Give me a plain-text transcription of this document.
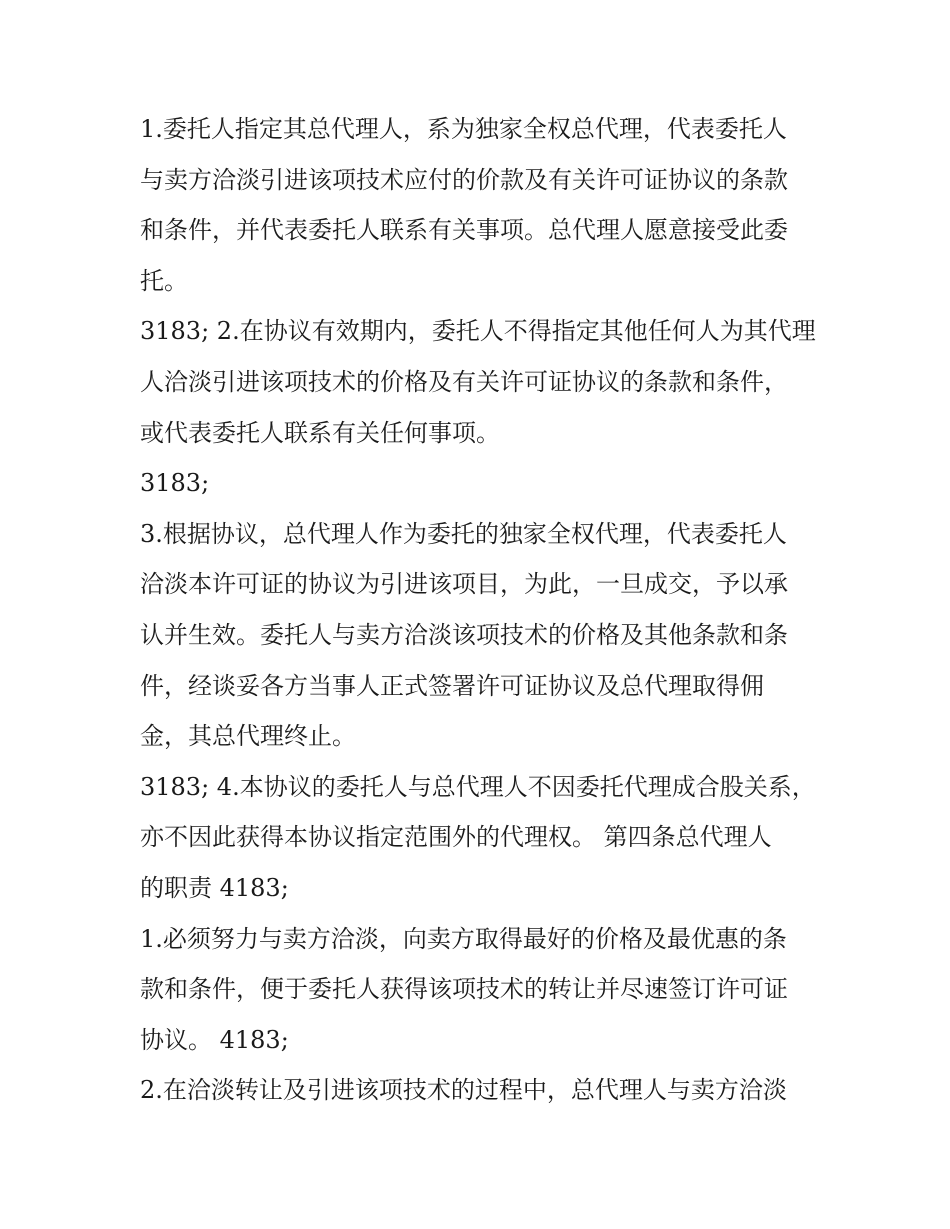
1.委托人指定其总代理人，系为独家全权总代理，代表委托人
与卖方洽淡引进该项技术应付的价款及有关许可证协议的条款
和条件，并代表委托人联系有关事项。总代理人愿意接受此委
托。
3183; 2.在协议有效期内，委托人不得指定其他任何人为其代理
人洽淡引进该项技术的价格及有关许可证协议的条款和条件，
或代表委托人联系有关任何事项。
3183;
3.根据协议，总代理人作为委托的独家全权代理，代表委托人
洽淡本许可证的协议为引进该项目，为此，一旦成交，予以承
认并生效。委托人与卖方洽淡该项技术的价格及其他条款和条
件，经谈妥各方当事人正式签署许可证协议及总代理取得佣
金，其总代理终止。
3183; 4.本协议的委托人与总代理人不因委托代理成合股关系，
亦不因此获得本协议指定范围外的代理权。 第四条总代理人
的职责 4183;
1.必须努力与卖方洽淡，向卖方取得最好的价格及最优惠的条
款和条件，便于委托人获得该项技术的转让并尽速签订许可证
协议。 4183;
2.在洽淡转让及引进该项技术的过程中，总代理人与卖方洽淡
